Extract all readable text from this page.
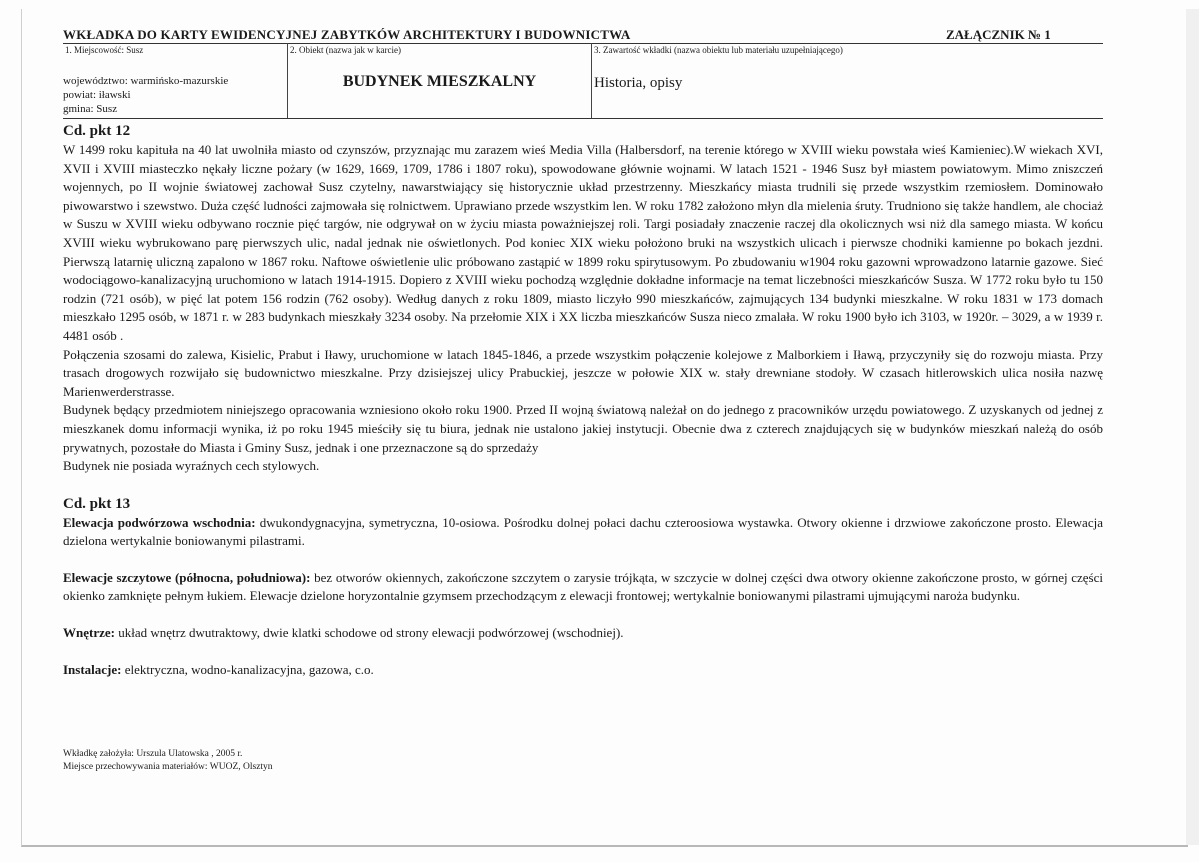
WKŁADKA DO KARTY EWIDENCYJNEJ ZABYTKÓW ARCHITEKTURY I BUDOWNICTWA	ZAŁĄCZNIK № 1
1. Miejscowość: Susz
województwo: warmińsko-mazurskie
powiat: iławski
gmina: Susz
2. Obiekt (nazwa jak w karcie)
BUDYNEK MIESZKALNY
3. Zawartość wkładki (nazwa obiektu lub materiału uzupełniającego)
Historia, opisy
Cd. pkt 12

W 1499 roku kapituła na 40 lat uwolniła miasto od czynszów, przyznając mu zarazem wieś Media Villa (Halbersdorf, na terenie którego w XVIII wieku powstała wieś Kamieniec).W wiekach XVI, XVII i XVIII miasteczko nękały liczne pożary (w 1629, 1669, 1709, 1786 i 1807 roku), spowodowane głównie wojnami. W latach 1521 - 1946 Susz był miastem powiatowym. Mimo zniszczeń wojennych, po II wojnie światowej zachował Susz czytelny, nawarstwiający się historycznie układ przestrzenny. Mieszkańcy miasta trudnili się przede wszystkim rzemiosłem. Dominowało piwowarstwo i szewstwo. Duża część ludności zajmowała się rolnictwem. Uprawiano przede wszystkim len. W roku 1782 założono młyn dla mielenia śruty. Trudniono się także handlem, ale chociaż w Suszu w XVIII wieku odbywano rocznie pięć targów, nie odgrywał on w życiu miasta poważniejszej roli. Targi posiadały znaczenie raczej dla okolicznych wsi niż dla samego miasta. W końcu XVIII wieku wybrukowano parę pierwszych ulic, nadal jednak nie oświetlonych. Pod koniec XIX wieku położono bruki na wszystkich ulicach i pierwsze chodniki kamienne po bokach jezdni. Pierwszą latarnię uliczną zapalono w 1867 roku. Naftowe oświetlenie ulic próbowano zastąpić w 1899 roku spirytusowym. Po zbudowaniu w1904 roku gazowni wprowadzono latarnie gazowe. Sieć wodociągowo-kanalizacyjną uruchomiono w latach 1914-1915. Dopiero z XVIII wieku pochodzą względnie dokładne informacje na temat liczebności mieszkańców Susza. W 1772 roku było tu 150 rodzin (721 osób), w pięć lat potem 156 rodzin (762 osoby). Według danych z roku 1809, miasto liczyło 990 mieszkańców, zajmujących 134 budynki mieszkalne. W roku 1831 w 173 domach mieszkało 1295 osób, w 1871 r. w 283 budynkach mieszkały 3234 osoby. Na przełomie XIX i XX liczba mieszkańców Susza nieco zmalała. W roku 1900 było ich 3103, w 1920r. – 3029, a w 1939 r. 4481 osób .

Połączenia szosami do zalewa, Kisielic, Prabut i Iławy, uruchomione w latach 1845-1846, a przede wszystkim połączenie kolejowe z Malborkiem i Iławą, przyczyniły się do rozwoju miasta. Przy trasach drogowych rozwijało się budownictwo mieszkalne. Przy dzisiejszej ulicy Prabuckiej, jeszcze w połowie XIX w. stały drewniane stodoły. W czasach hitlerowskich ulica nosiła nazwę Marienwerderstrasse.

Budynek będący przedmiotem niniejszego opracowania wzniesiono około roku 1900. Przed II wojną światową należał on do jednego z pracowników urzędu powiatowego. Z uzyskanych od jednej z mieszkanek domu informacji wynika, iż po roku 1945 mieściły się tu biura, jednak nie ustalono jakiej instytucji. Obecnie dwa z czterech znajdujących się w budynków mieszkań należą do osób prywatnych, pozostałe do Miasta i Gminy Susz, jednak i one przeznaczone są do sprzedaży

Budynek nie posiada wyraźnych cech stylowych.

Cd. pkt 13

Elewacja podwórzowa wschodnia: dwukondygnacyjna, symetryczna, 10-osiowa. Pośrodku dolnej połaci dachu czteroosiowa wystawka. Otwory okienne i drzwiowe zakończone prosto. Elewacja dzielona wertykalnie boniowanymi pilastrami.

Elewacje szczytowe (północna, południowa): bez otworów okiennych, zakończone szczytem o zarysie trójkąta, w szczycie w dolnej części dwa otwory okienne zakończone prosto, w górnej części okienko zamknięte pełnym łukiem. Elewacje dzielone horyzontalnie gzymsem przechodzącym z elewacji frontowej; wertykalnie boniowanymi pilastrami ujmującymi naroża budynku.

Wnętrze: układ wnętrz dwutraktowy, dwie klatki schodowe od strony elewacji podwórzowej (wschodniej).

Instalacje: elektryczna, wodno-kanalizacyjna, gazowa, c.o.

Wkładkę założyła: Urszula Ulatowska , 2005 r.
Miejsce przechowywania materiałów: WUOZ, Olsztyn
